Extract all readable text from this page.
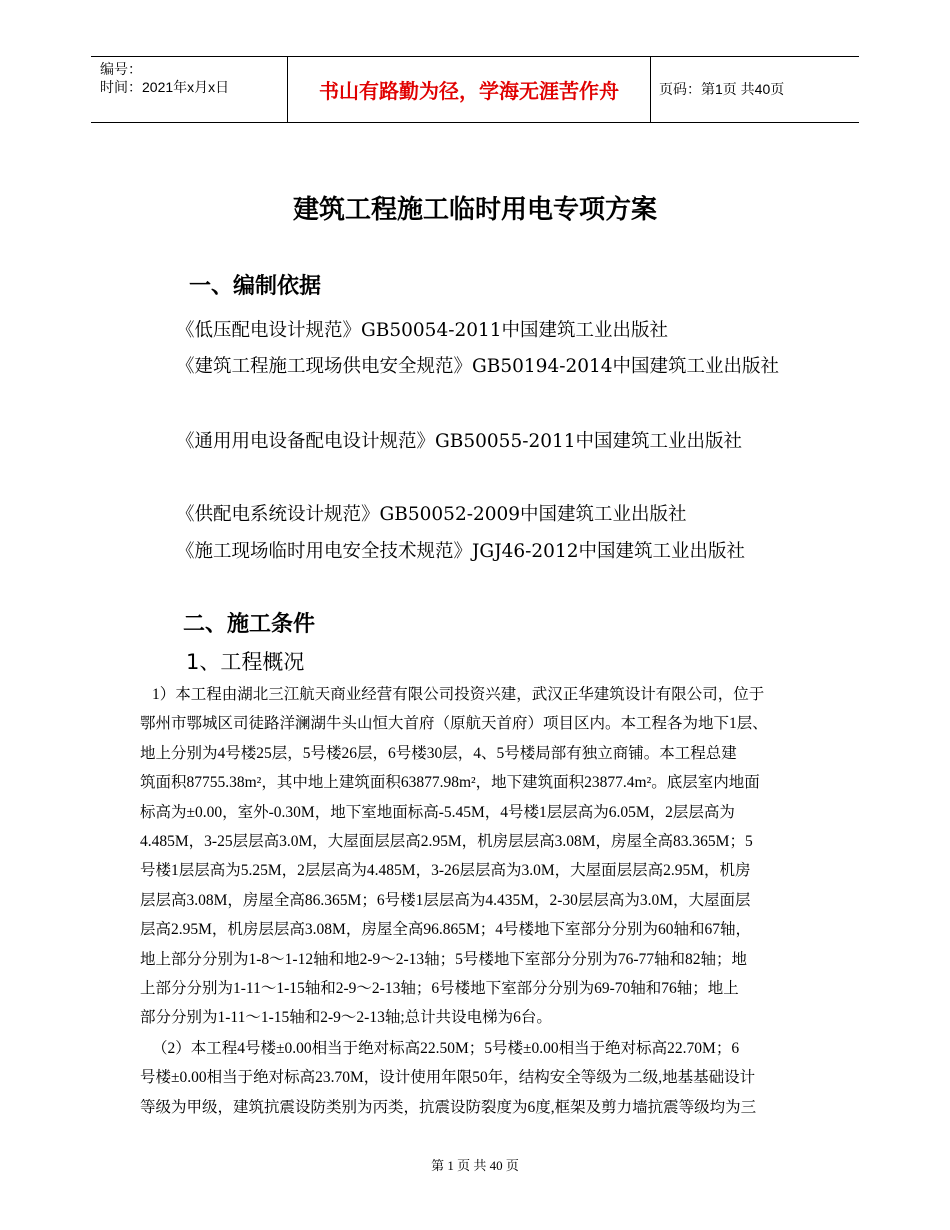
编号：
时间：2021年x月x日	书山有路勤为径，学海无涯苦作舟	页码：第1页 共40页
建筑工程施工临时用电专项方案
一、编制依据

《低压配电设计规范》GB50054-2011中国建筑工业出版社

《建筑工程施工现场供电安全规范》GB50194-2014中国建筑工业出版社

《通用用电设备配电设计规范》GB50055-2011中国建筑工业出版社

《供配电系统设计规范》GB50052-2009中国建筑工业出版社

《施工现场临时用电安全技术规范》JGJ46-2012中国建筑工业出版社

二、施工条件
1、工程概况

1）本工程由湖北三江航天商业经营有限公司投资兴建，武汉正华建筑设计有限公司，位于
鄂州市鄂城区司徒路洋澜湖牛头山恒大首府（原航天首府）项目区内。本工程各为地下1层、
地上分别为4号楼25层，5号楼26层，6号楼30层，4、5号楼局部有独立商铺。本工程总建
筑面积87755.38m²，其中地上建筑面积63877.98m²，地下建筑面积23877.4m²。底层室内地面
标高为±0.00，室外-0.30M，地下室地面标高-5.45M，4号楼1层层高为6.05M，2层层高为
4.485M，3-25层层高3.0M，大屋面层层高2.95M，机房层层高3.08M，房屋全高83.365M；5
号楼1层层高为5.25M，2层层高为4.485M，3-26层层高为3.0M，大屋面层层高2.95M，机房
层层高3.08M，房屋全高86.365M；6号楼1层层高为4.435M，2-30层层高为3.0M，大屋面层
层高2.95M，机房层层高3.08M，房屋全高96.865M；4号楼地下室部分分别为60轴和67轴，
地上部分分别为1-8～1-12轴和地2-9～2-13轴；5号楼地下室部分分别为76-77轴和82轴；地
上部分分别为1-11～1-15轴和2-9～2-13轴；6号楼地下室部分分别为69-70轴和76轴；地上
部分分别为1-11～1-15轴和2-9～2-13轴;总计共设电梯为6台。

（2）本工程4号楼±0.00相当于绝对标高22.50M；5号楼±0.00相当于绝对标高22.70M；6
号楼±0.00相当于绝对标高23.70M，设计使用年限50年，结构安全等级为二级,地基基础设计
等级为甲级，建筑抗震设防类别为丙类，抗震设防裂度为6度,框架及剪力墙抗震等级均为三

第 1 页 共 40 页
